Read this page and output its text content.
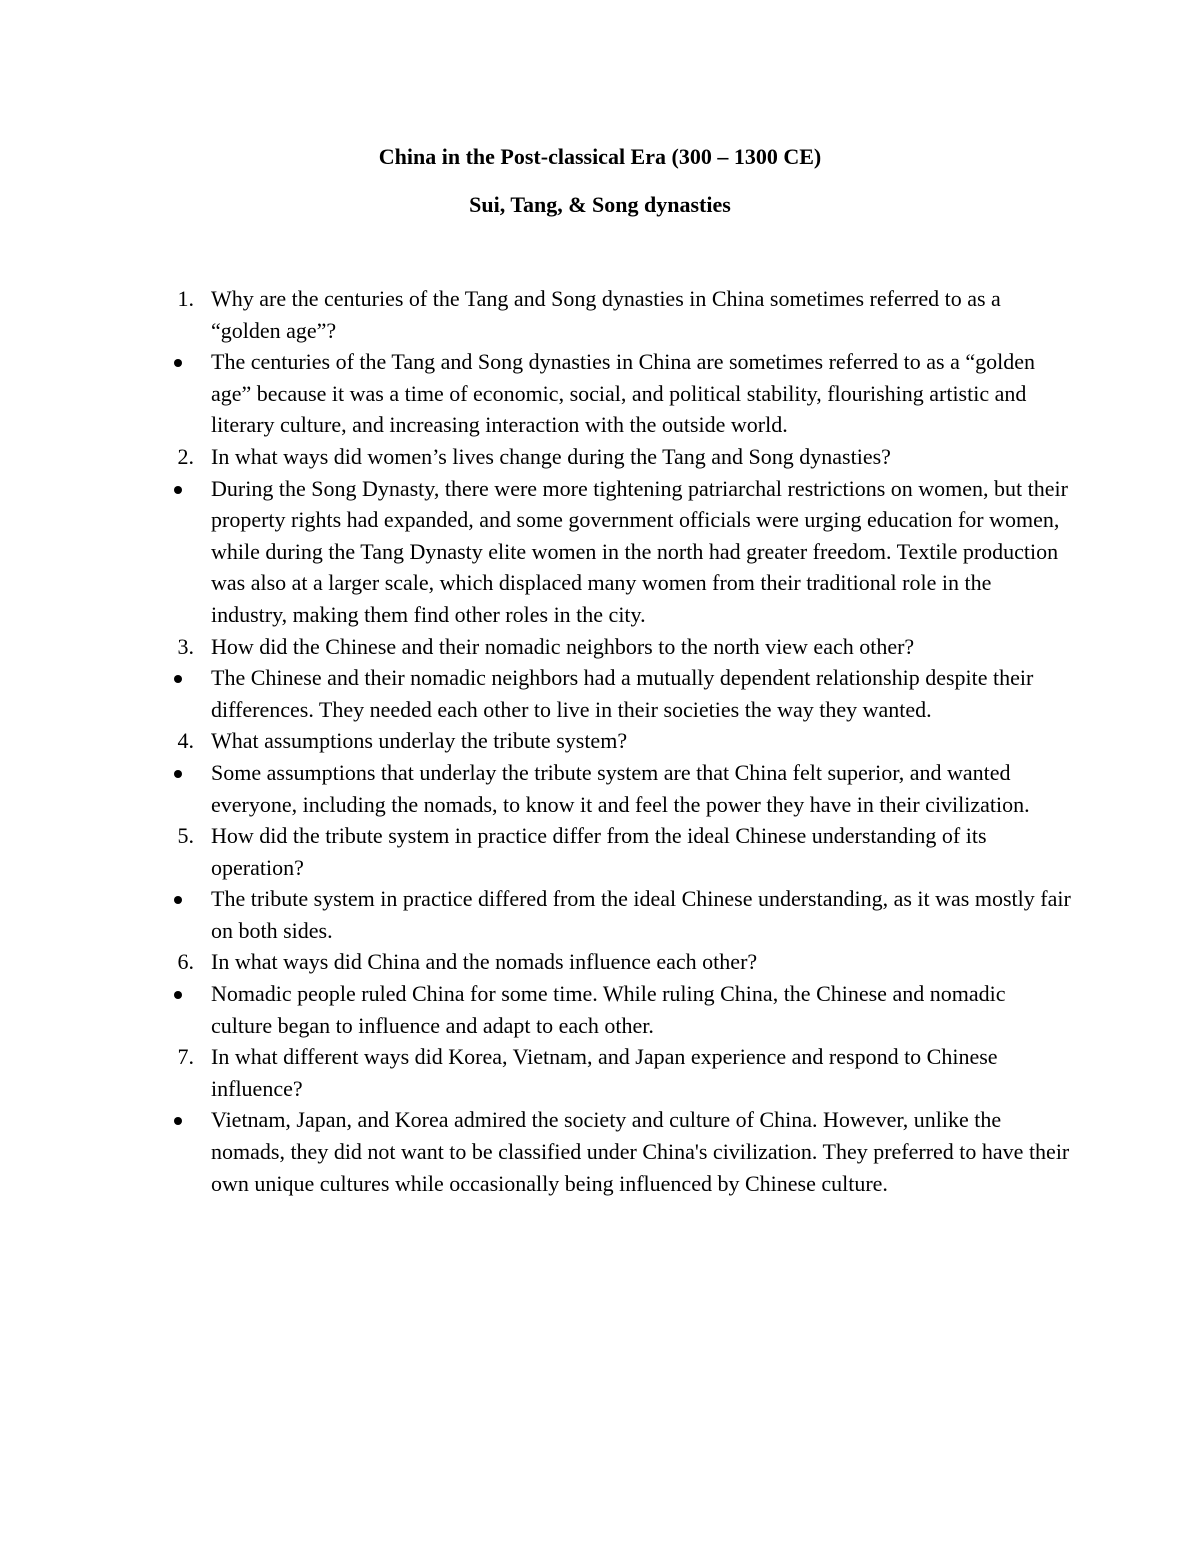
China in the Post-classical Era (300 – 1300 CE)
Sui, Tang, & Song dynasties
1. Why are the centuries of the Tang and Song dynasties in China sometimes referred to as a “golden age”?
The centuries of the Tang and Song dynasties in China are sometimes referred to as a “golden age” because it was a time of economic, social, and political stability, flourishing artistic and literary culture, and increasing interaction with the outside world.
2. In what ways did women’s lives change during the Tang and Song dynasties?
During the Song Dynasty, there were more tightening patriarchal restrictions on women, but their property rights had expanded, and some government officials were urging education for women, while during the Tang Dynasty elite women in the north had greater freedom. Textile production was also at a larger scale, which displaced many women from their traditional role in the industry, making them find other roles in the city.
3. How did the Chinese and their nomadic neighbors to the north view each other?
The Chinese and their nomadic neighbors had a mutually dependent relationship despite their differences. They needed each other to live in their societies the way they wanted.
4. What assumptions underlay the tribute system?
Some assumptions that underlay the tribute system are that China felt superior, and wanted everyone, including the nomads, to know it and feel the power they have in their civilization.
5. How did the tribute system in practice differ from the ideal Chinese understanding of its operation?
The tribute system in practice differed from the ideal Chinese understanding, as it was mostly fair on both sides.
6. In what ways did China and the nomads influence each other?
Nomadic people ruled China for some time. While ruling China, the Chinese and nomadic culture began to influence and adapt to each other.
7. In what different ways did Korea, Vietnam, and Japan experience and respond to Chinese influence?
Vietnam, Japan, and Korea admired the society and culture of China. However, unlike the nomads, they did not want to be classified under China's civilization. They preferred to have their own unique cultures while occasionally being influenced by Chinese culture.
